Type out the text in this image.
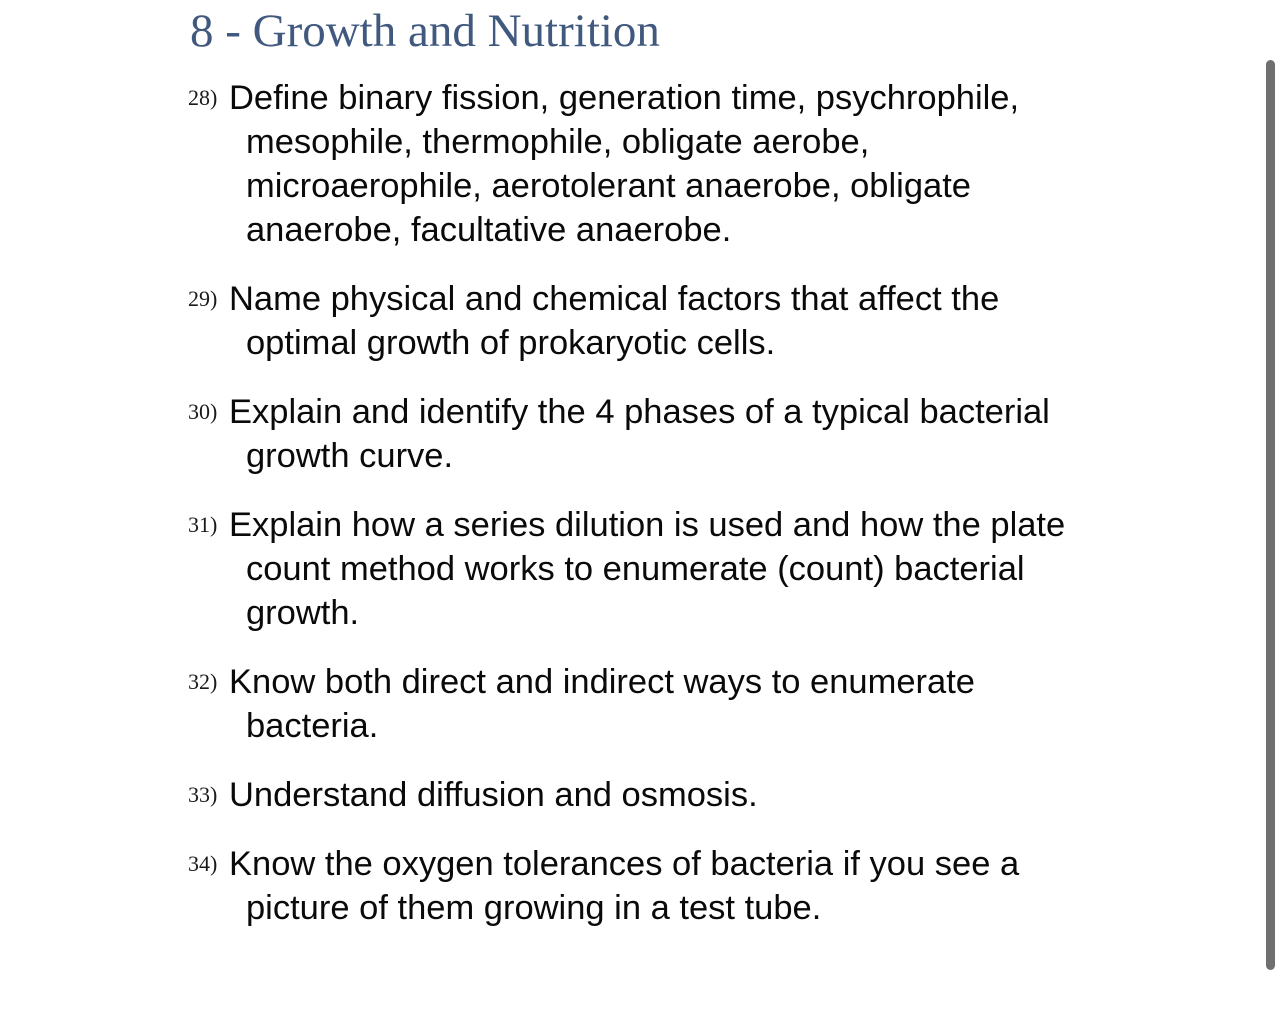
8 - Growth and Nutrition
28) Define binary fission, generation time, psychrophile, mesophile, thermophile, obligate aerobe, microaerophile, aerotolerant anaerobe, obligate anaerobe, facultative anaerobe.
29) Name physical and chemical factors that affect the optimal growth of prokaryotic cells.
30) Explain and identify the 4 phases of a typical bacterial growth curve.
31) Explain how a series dilution is used and how the plate count method works to enumerate (count) bacterial growth.
32) Know both direct and indirect ways to enumerate bacteria.
33) Understand diffusion and osmosis.
34) Know the oxygen tolerances of bacteria if you see a picture of them growing in a test tube.
